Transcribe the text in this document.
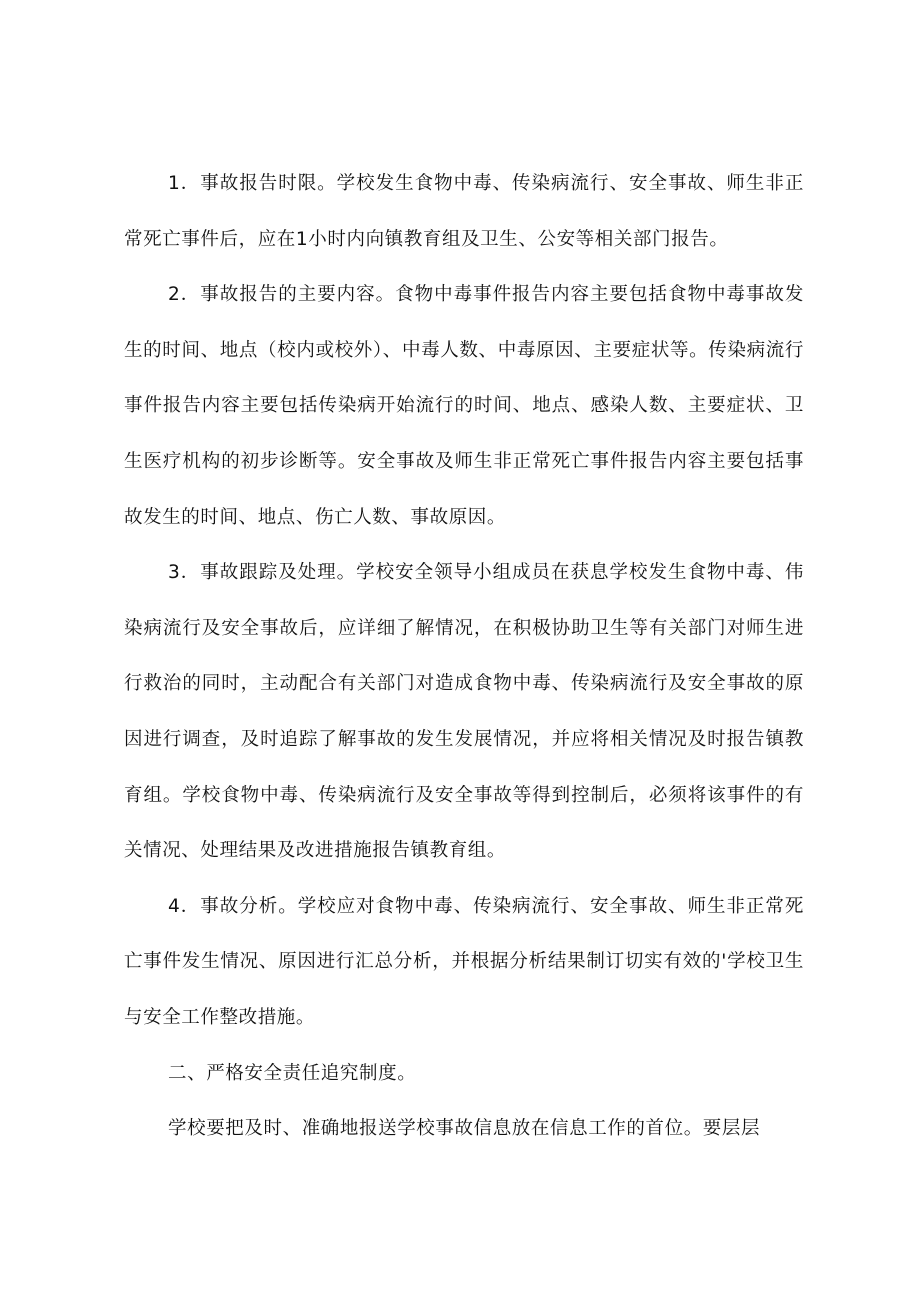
1．事故报告时限。学校发生食物中毒、传染病流行、安全事故、师生非正常死亡事件后，应在1小时内向镇教育组及卫生、公安等相关部门报告。

2．事故报告的主要内容。食物中毒事件报告内容主要包括食物中毒事故发生的时间、地点（校内或校外）、中毒人数、中毒原因、主要症状等。传染病流行事件报告内容主要包括传染病开始流行的时间、地点、感染人数、主要症状、卫生医疗机构的初步诊断等。安全事故及师生非正常死亡事件报告内容主要包括事故发生的时间、地点、伤亡人数、事故原因。

3．事故跟踪及处理。学校安全领导小组成员在获息学校发生食物中毒、伟染病流行及安全事故后，应详细了解情况，在积极协助卫生等有关部门对师生进行救治的同时，主动配合有关部门对造成食物中毒、传染病流行及安全事故的原因进行调查，及时追踪了解事故的发生发展情况，并应将相关情况及时报告镇教育组。学校食物中毒、传染病流行及安全事故等得到控制后，必须将该事件的有关情况、处理结果及改进措施报告镇教育组。

4．事故分析。学校应对食物中毒、传染病流行、安全事故、师生非正常死亡事件发生情况、原因进行汇总分析，并根据分析结果制订切实有效的'学校卫生与安全工作整改措施。

二、严格安全责任追究制度。

学校要把及时、准确地报送学校事故信息放在信息工作的首位。要层层
